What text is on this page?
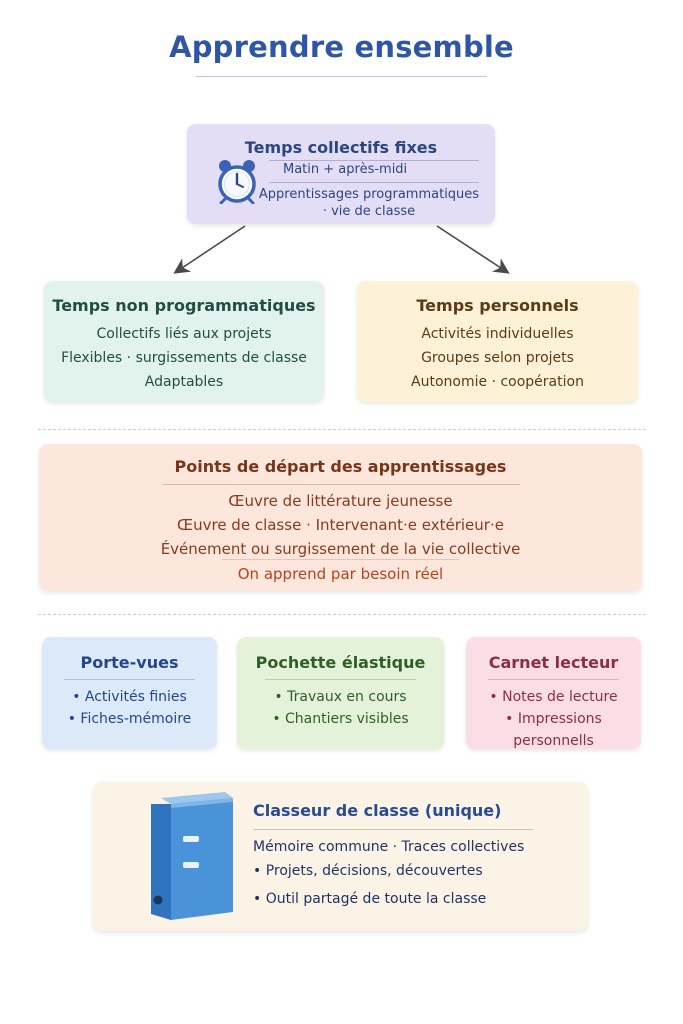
Apprendre ensemble
Temps collectifs fixes
Matin + après-midi
Apprentissages programmatiques
· vie de classe
Temps non programmatiques
Collectifs liés aux projets
Flexibles · surgissements de classe
Adaptables
Temps personnels
Activités individuelles
Groupes selon projets
Autonomie · coopération
Points de départ des apprentissages
Œuvre de littérature jeunesse
Œuvre de classe · Intervenant·e extérieur·e
Événement ou surgissement de la vie collective
On apprend par besoin réel
Porte-vues
• Activités finies
• Fiches-mémoire
Pochette élastique
• Travaux en cours
• Chantiers visibles
Carnet lecteur
• Notes de lecture
• Impressions personnells
Classeur de classe (unique)
Mémoire commune · Traces collectives
• Projets, décisions, découvertes
• Outil partagé de toute la classe
